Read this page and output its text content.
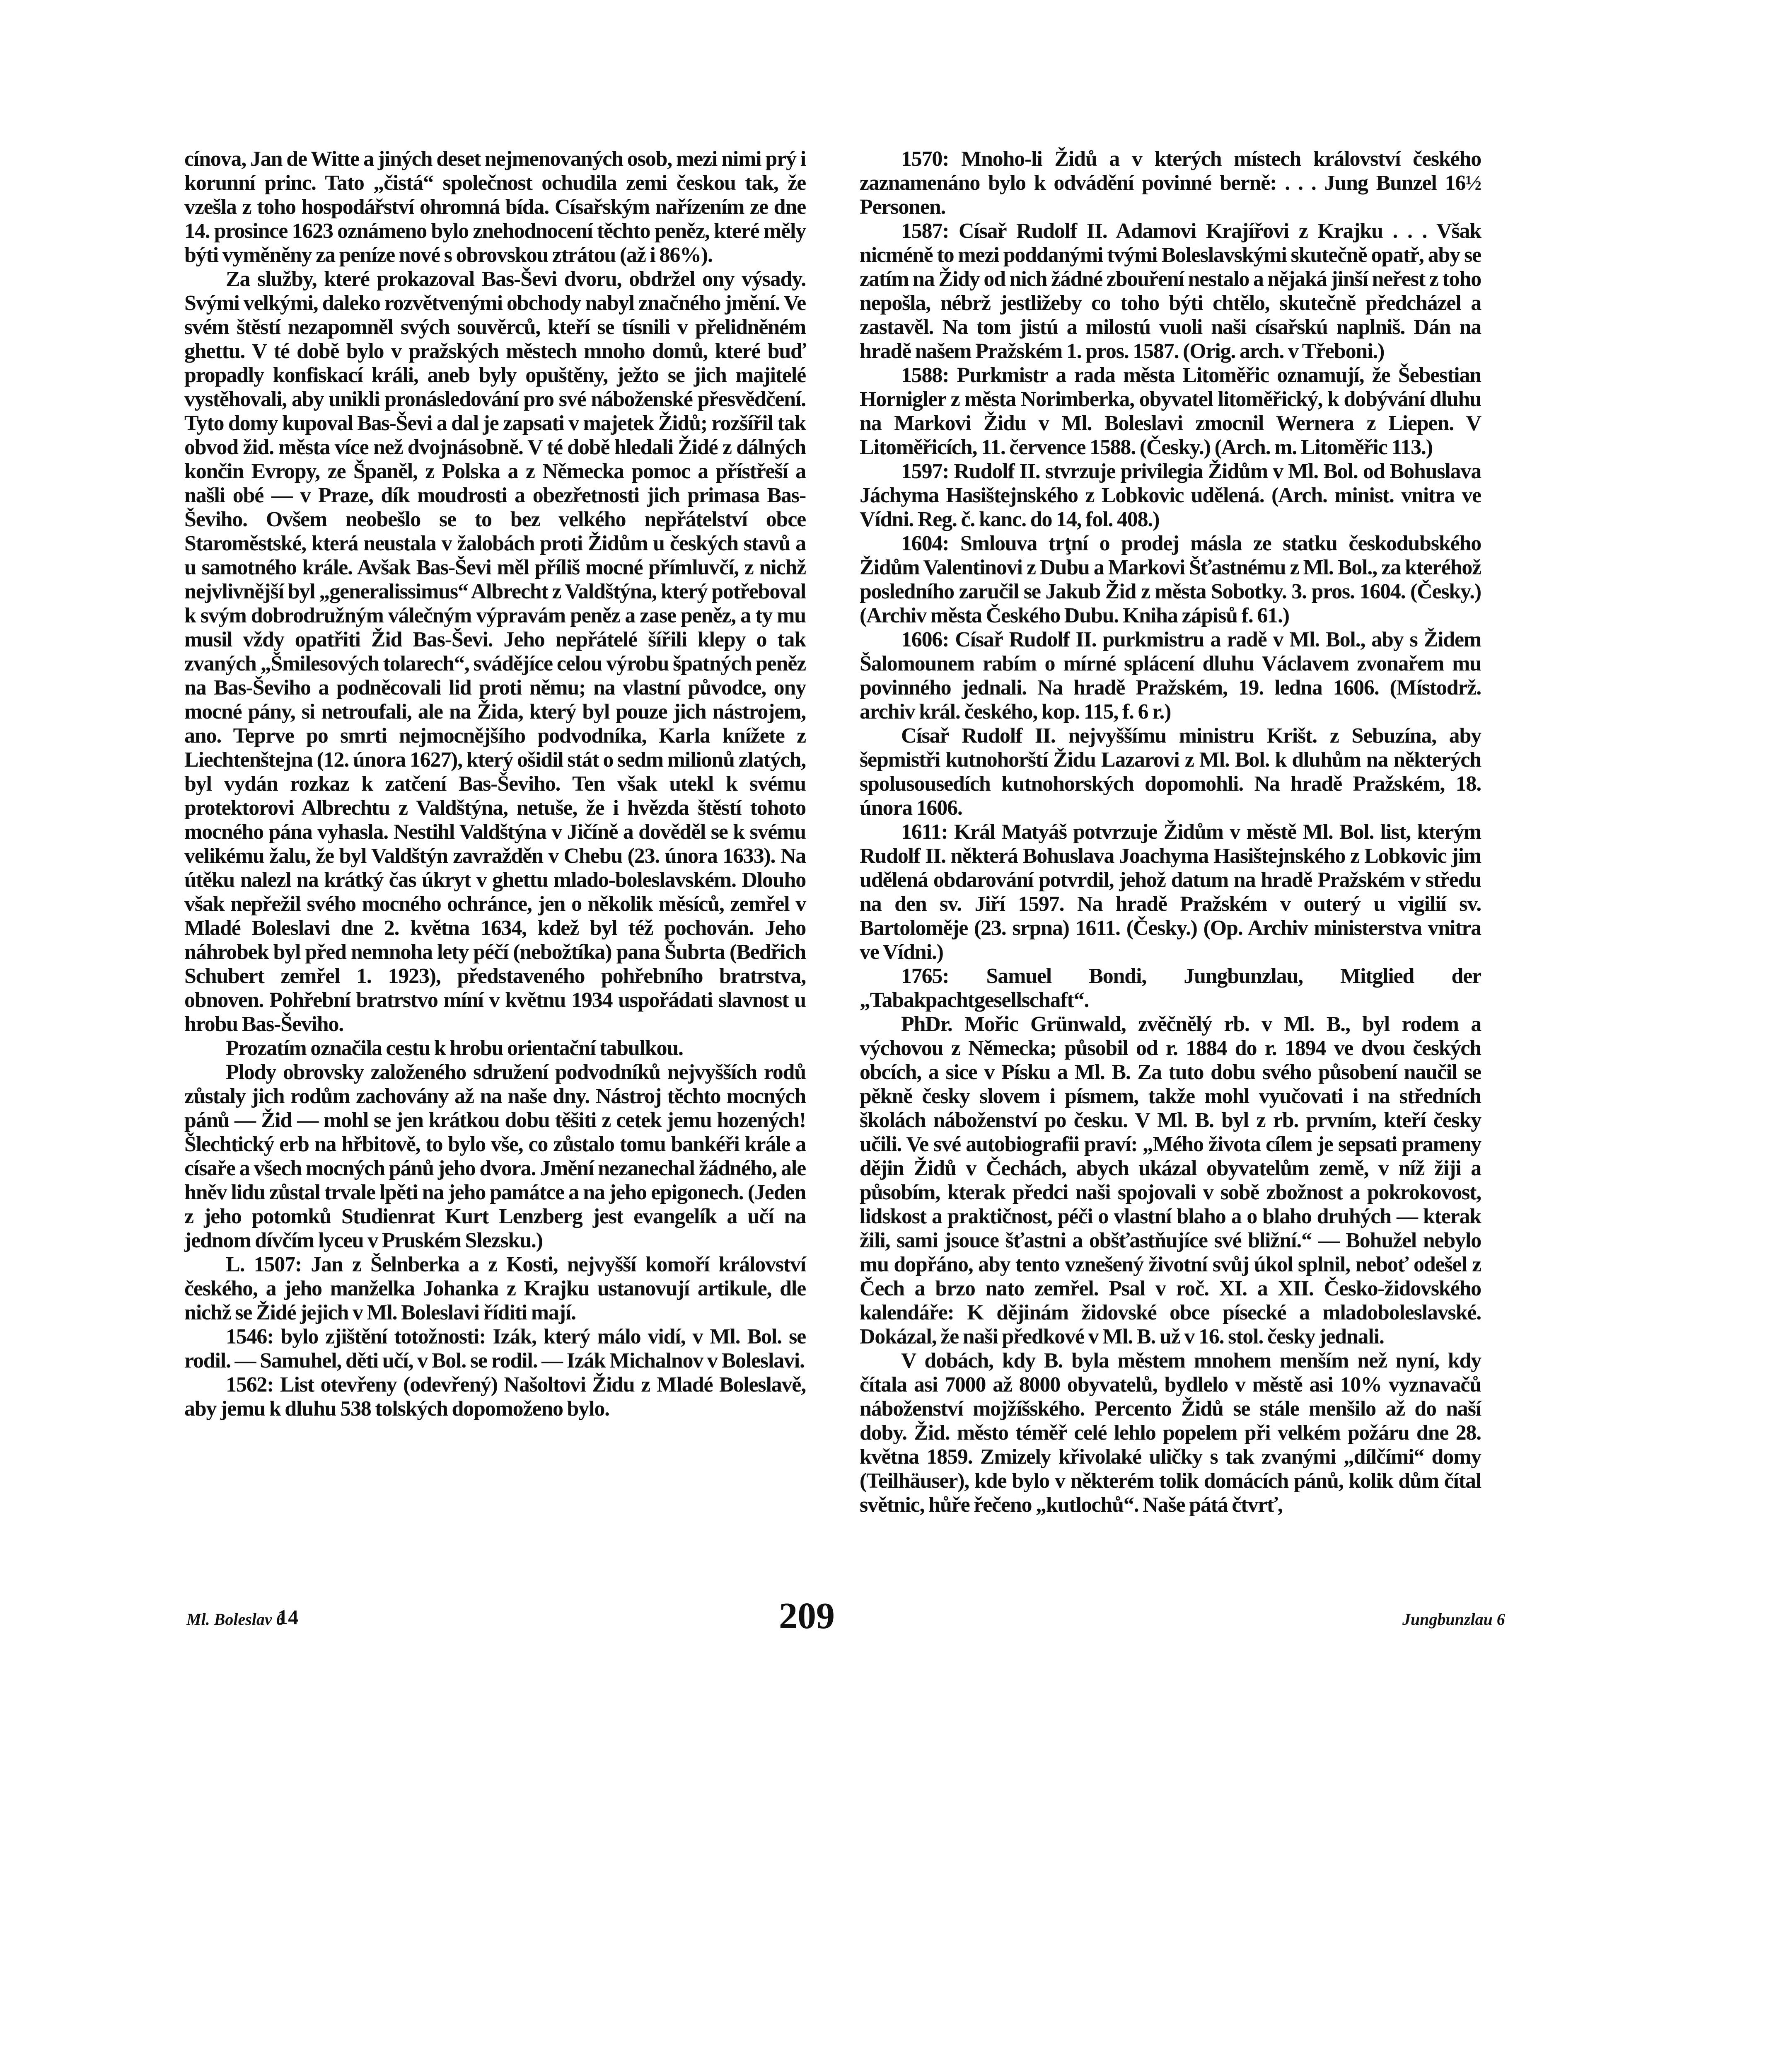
cínova, Jan de Witte a jiných deset nejmenovaných osob, mezi nimi prý i korunní princ. Tato „čistá“ společnost ochudila zemi českou tak, že vzešla z toho hospodářství ohromná bída. Císařským nařízením ze dne 14. prosince 1623 oznámeno bylo znehodnocení těchto peněz, které měly býti vyměněny za peníze nové s obrovskou ztrátou (až i 86%).

Za služby, které prokazoval Bas-Ševi dvoru, obdržel ony výsady. Svými velkými, daleko rozvětvenými obchody nabyl značného jmění. Ve svém štěstí nezapomněl svých souvěrců, kteří se tísnili v přelidněném ghettu. V té době bylo v pražských městech mnoho domů, které buď propadly konfiskací králi, aneb byly opuštěny, ježto se jich majitelé vystěhovali, aby unikli pronásledování pro své náboženské přesvědčení. Tyto domy kupoval Bas-Ševi a dal je zapsati v majetek Židů; rozšířil tak obvod žid. města více než dvojnásobně. V té době hledali Židé z dálných končin Evropy, ze Španěl, z Polska a z Německa pomoc a přístřeší a našli obé — v Praze, dík moudrosti a obezřetnosti jich primasa Bas-Ševiho. Ovšem neobešlo se to bez velkého nepřátelství obce Staroměstské, která neustala v žalobách proti Židům u českých stavů a u samotného krále. Avšak Bas-Ševi měl příliš mocné přímluvčí, z nichž nejvlivnější byl „generalissimus“ Albrecht z Valdštýna, který potřeboval k svým dobrodružným válečným výpravám peněz a zase peněz, a ty mu musil vždy opatřiti Žid Bas-Ševi. Jeho nepřátelé šířili klepy o tak zvaných „Šmilesových tolarech“, svádějíce celou výrobu špatných peněz na Bas-Ševiho a podněcovali lid proti němu; na vlastní původce, ony mocné pány, si netroufali, ale na Žida, který byl pouze jich nástrojem, ano. Teprve po smrti nejmocnějšího podvodníka, Karla knížete z Liechtenštejna (12. února 1627), který ošidil stát o sedm milionů zlatých, byl vydán rozkaz k zatčení Bas-Ševiho. Ten však utekl k svému protektorovi Albrechtu z Valdštýna, netuše, že i hvězda štěstí tohoto mocného pána vyhasla. Nestihl Valdštýna v Jičíně a dověděl se k svému velikému žalu, že byl Valdštýn zavražděn v Chebu (23. února 1633). Na útěku nalezl na krátký čas úkryt v ghettu mlado-boleslavském. Dlouho však nepřežil svého mocného ochránce, jen o několik měsíců, zemřel v Mladé Boleslavi dne 2. května 1634, kdež byl též pochován. Jeho náhrobek byl před nemnoha lety péčí (nebožtíka) pana Šubrta (Bedřich Schubert zemřel 1. 1923), představeného pohřebního bratrstva, obnoven. Pohřební bratrstvo míní v květnu 1934 uspořádati slavnost u hrobu Bas-Ševiho.

Prozatím označila cestu k hrobu orientační tabulkou.

Plody obrovsky založeného sdružení podvodníků nejvyšších rodů zůstaly jich rodům zachovány až na naše dny. Nástroj těchto mocných pánů — Žid — mohl se jen krátkou dobu těšiti z cetek jemu hozených! Šlechtický erb na hřbitově, to bylo vše, co zůstalo tomu bankéři krále a císaře a všech mocných pánů jeho dvora. Jmění nezanechal žádného, ale hněv lidu zůstal trvale lpěti na jeho památce a na jeho epigonech. (Jeden z jeho potomků Studienrat Kurt Lenzberg jest evangelík a učí na jednom dívčím lyceu v Pruském Slezsku.)

L. 1507: Jan z Šelnberka a z Kosti, nejvyšší komoří království českého, a jeho manželka Johanka z Krajku ustanovují artikule, dle nichž se Židé jejich v Ml. Boleslavi říditi mají.

1546: bylo zjištění totožnosti: Izák, který málo vidí, v Ml. Bol. se rodil. — Samuhel, děti učí, v Bol. se rodil. — Izák Michalnov v Boleslavi.

1562: List otevřeny (odevřený) Našoltovi Židu z Mladé Boleslavě, aby jemu k dluhu 538 tolských dopomoženo bylo.

1570: Mnoho-li Židů a v kterých místech království českého zaznamenáno bylo k odvádění povinné berně: . . . Jung Bunzel 16½ Personen.

1587: Císař Rudolf II. Adamovi Krajířovi z Krajku . . . Však nicméně to mezi poddanými tvými Boleslavskými skutečně opatř, aby se zatím na Židy od nich žádné zbouření nestalo a nějaká jinší neřest z toho nepošla, nébrž jestližeby co toho býti chtělo, skutečně předcházel a zastavěl. Na tom jistú a milostú vuoli naši císařskú naplniš. Dán na hradě našem Pražském 1. pros. 1587. (Orig. arch. v Třeboni.)

1588: Purkmistr a rada města Litoměřic oznamují, že Šebestian Hornigler z města Norimberka, obyvatel litoměřický, k dobývání dluhu na Markovi Židu v Ml. Boleslavi zmocnil Wernera z Liepen. V Litoměřicích, 11. července 1588. (Česky.) (Arch. m. Litoměřic 113.)

1597: Rudolf II. stvrzuje privilegia Židům v Ml. Bol. od Bohuslava Jáchyma Hasištejnského z Lobkovic udělená. (Arch. minist. vnitra ve Vídni. Reg. č. kanc. do 14, fol. 408.)

1604: Smlouva trţní o prodej másla ze statku českodubského Židům Valentinovi z Dubu a Markovi Šťastnému z Ml. Bol., za kteréhož posledního zaručil se Jakub Žid z města Sobotky. 3. pros. 1604. (Česky.) (Archiv města Českého Dubu. Kniha zápisů f. 61.)

1606: Císař Rudolf II. purkmistru a radě v Ml. Bol., aby s Židem Šalomounem rabím o mírné splácení dluhu Václavem zvonařem mu povinného jednali. Na hradě Pražském, 19. ledna 1606. (Místodrž. archiv král. českého, kop. 115, f. 6 r.)

Císař Rudolf II. nejvyššímu ministru Krišt. z Sebuzína, aby šepmistři kutnohorští Židu Lazarovi z Ml. Bol. k dluhům na některých spolusousedích kutnohorských dopomohli. Na hradě Pražském, 18. února 1606.

1611: Král Matyáš potvrzuje Židům v městě Ml. Bol. list, kterým Rudolf II. některá Bohuslava Joachyma Hasištejnského z Lobkovic jim udělená obdarování potvrdil, jehož datum na hradě Pražském v středu na den sv. Jiří 1597. Na hradě Pražském v outerý u vigilií sv. Bartoloměje (23. srpna) 1611. (Česky.) (Op. Archiv ministerstva vnitra ve Vídni.)

1765: Samuel Bondi, Jungbunzlau, Mitglied der „Tabakpachtgesellschaft“.

PhDr. Mořic Grünwald, zvěčnělý rb. v Ml. B., byl rodem a výchovou z Německa; působil od r. 1884 do r. 1894 ve dvou českých obcích, a sice v Písku a Ml. B. Za tuto dobu svého působení naučil se pěkně česky slovem i písmem, takže mohl vyučovati i na středních školách náboženství po česku. V Ml. B. byl z rb. prvním, kteří česky učili. Ve své autobiografii praví: „Mého života cílem je sepsati prameny dějin Židů v Čechách, abych ukázal obyvatelům země, v níž žiji a působím, kterak předci naši spojovali v sobě zbožnost a pokrokovost, lidskost a praktičnost, péči o vlastní blaho a o blaho druhých — kterak žili, sami jsouce šťastni a obšťastňujíce své bližní.“ — Bohužel nebylo mu dopřáno, aby tento vznešený životní svůj úkol splnil, neboť odešel z Čech a brzo nato zemřel. Psal v roč. XI. a XII. Česko-židovského kalendáře: K dějinám židovské obce písecké a mladoboleslavské. Dokázal, že naši předkové v Ml. B. už v 16. stol. česky jednali.

V dobách, kdy B. byla městem mnohem menším než nyní, kdy čítala asi 7000 až 8000 obyvatelů, bydlelo v městě asi 10% vyznavačů náboženství mojžíšského. Percento Židů se stále menšilo až do naší doby. Žid. město téměř celé lehlo popelem při velkém požáru dne 28. května 1859. Zmizely křivolaké uličky s tak zvanými „dílčími“ domy (Teilhäuser), kde bylo v některém tolik domácích pánů, kolik dům čítal světnic, hůře řečeno „kutlochů“. Naše pátá čtvrť,

Ml. Boleslav 6
14	209	Jungbunzlau 6
